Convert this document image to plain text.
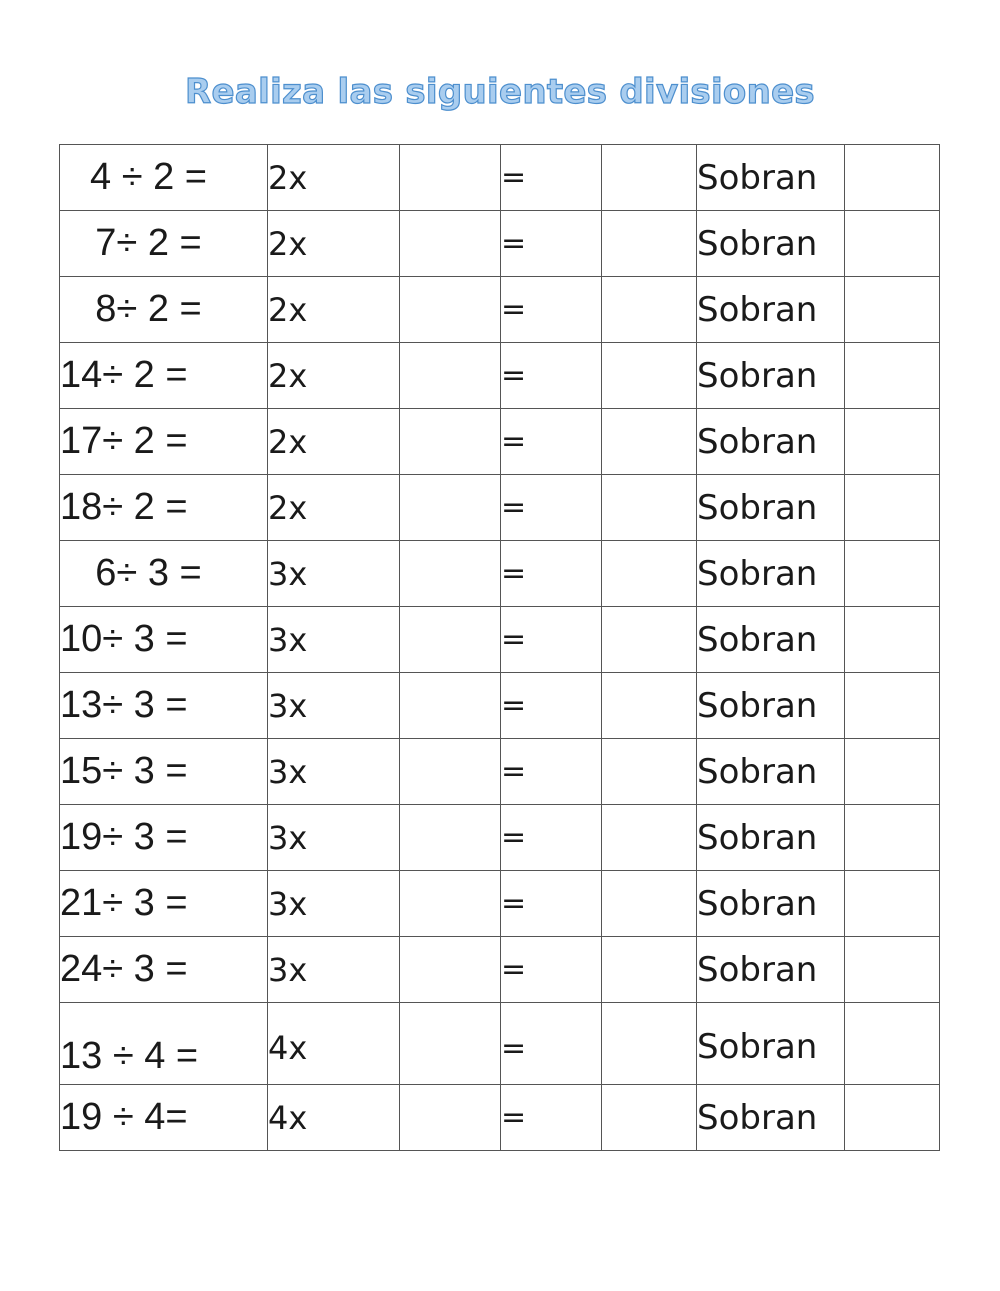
Realiza las siguientes divisiones
4 ÷ 2 =	2x		=		Sobran	
7÷ 2 =	2x		=		Sobran	
8÷ 2 =	2x		=		Sobran	
14÷ 2 =	2x		=		Sobran	
17÷ 2 =	2x		=		Sobran	
18÷ 2 =	2x		=		Sobran	
6÷ 3 =	3x		=		Sobran	
10÷ 3 =	3x		=		Sobran	
13÷ 3 =	3x		=		Sobran	
15÷ 3 =	3x		=		Sobran	
19÷ 3 =	3x		=		Sobran	
21÷ 3 =	3x		=		Sobran	
24÷ 3 =	3x		=		Sobran	
13 ÷ 4 =	4x		=		Sobran	
19 ÷ 4=	4x		=		Sobran	
